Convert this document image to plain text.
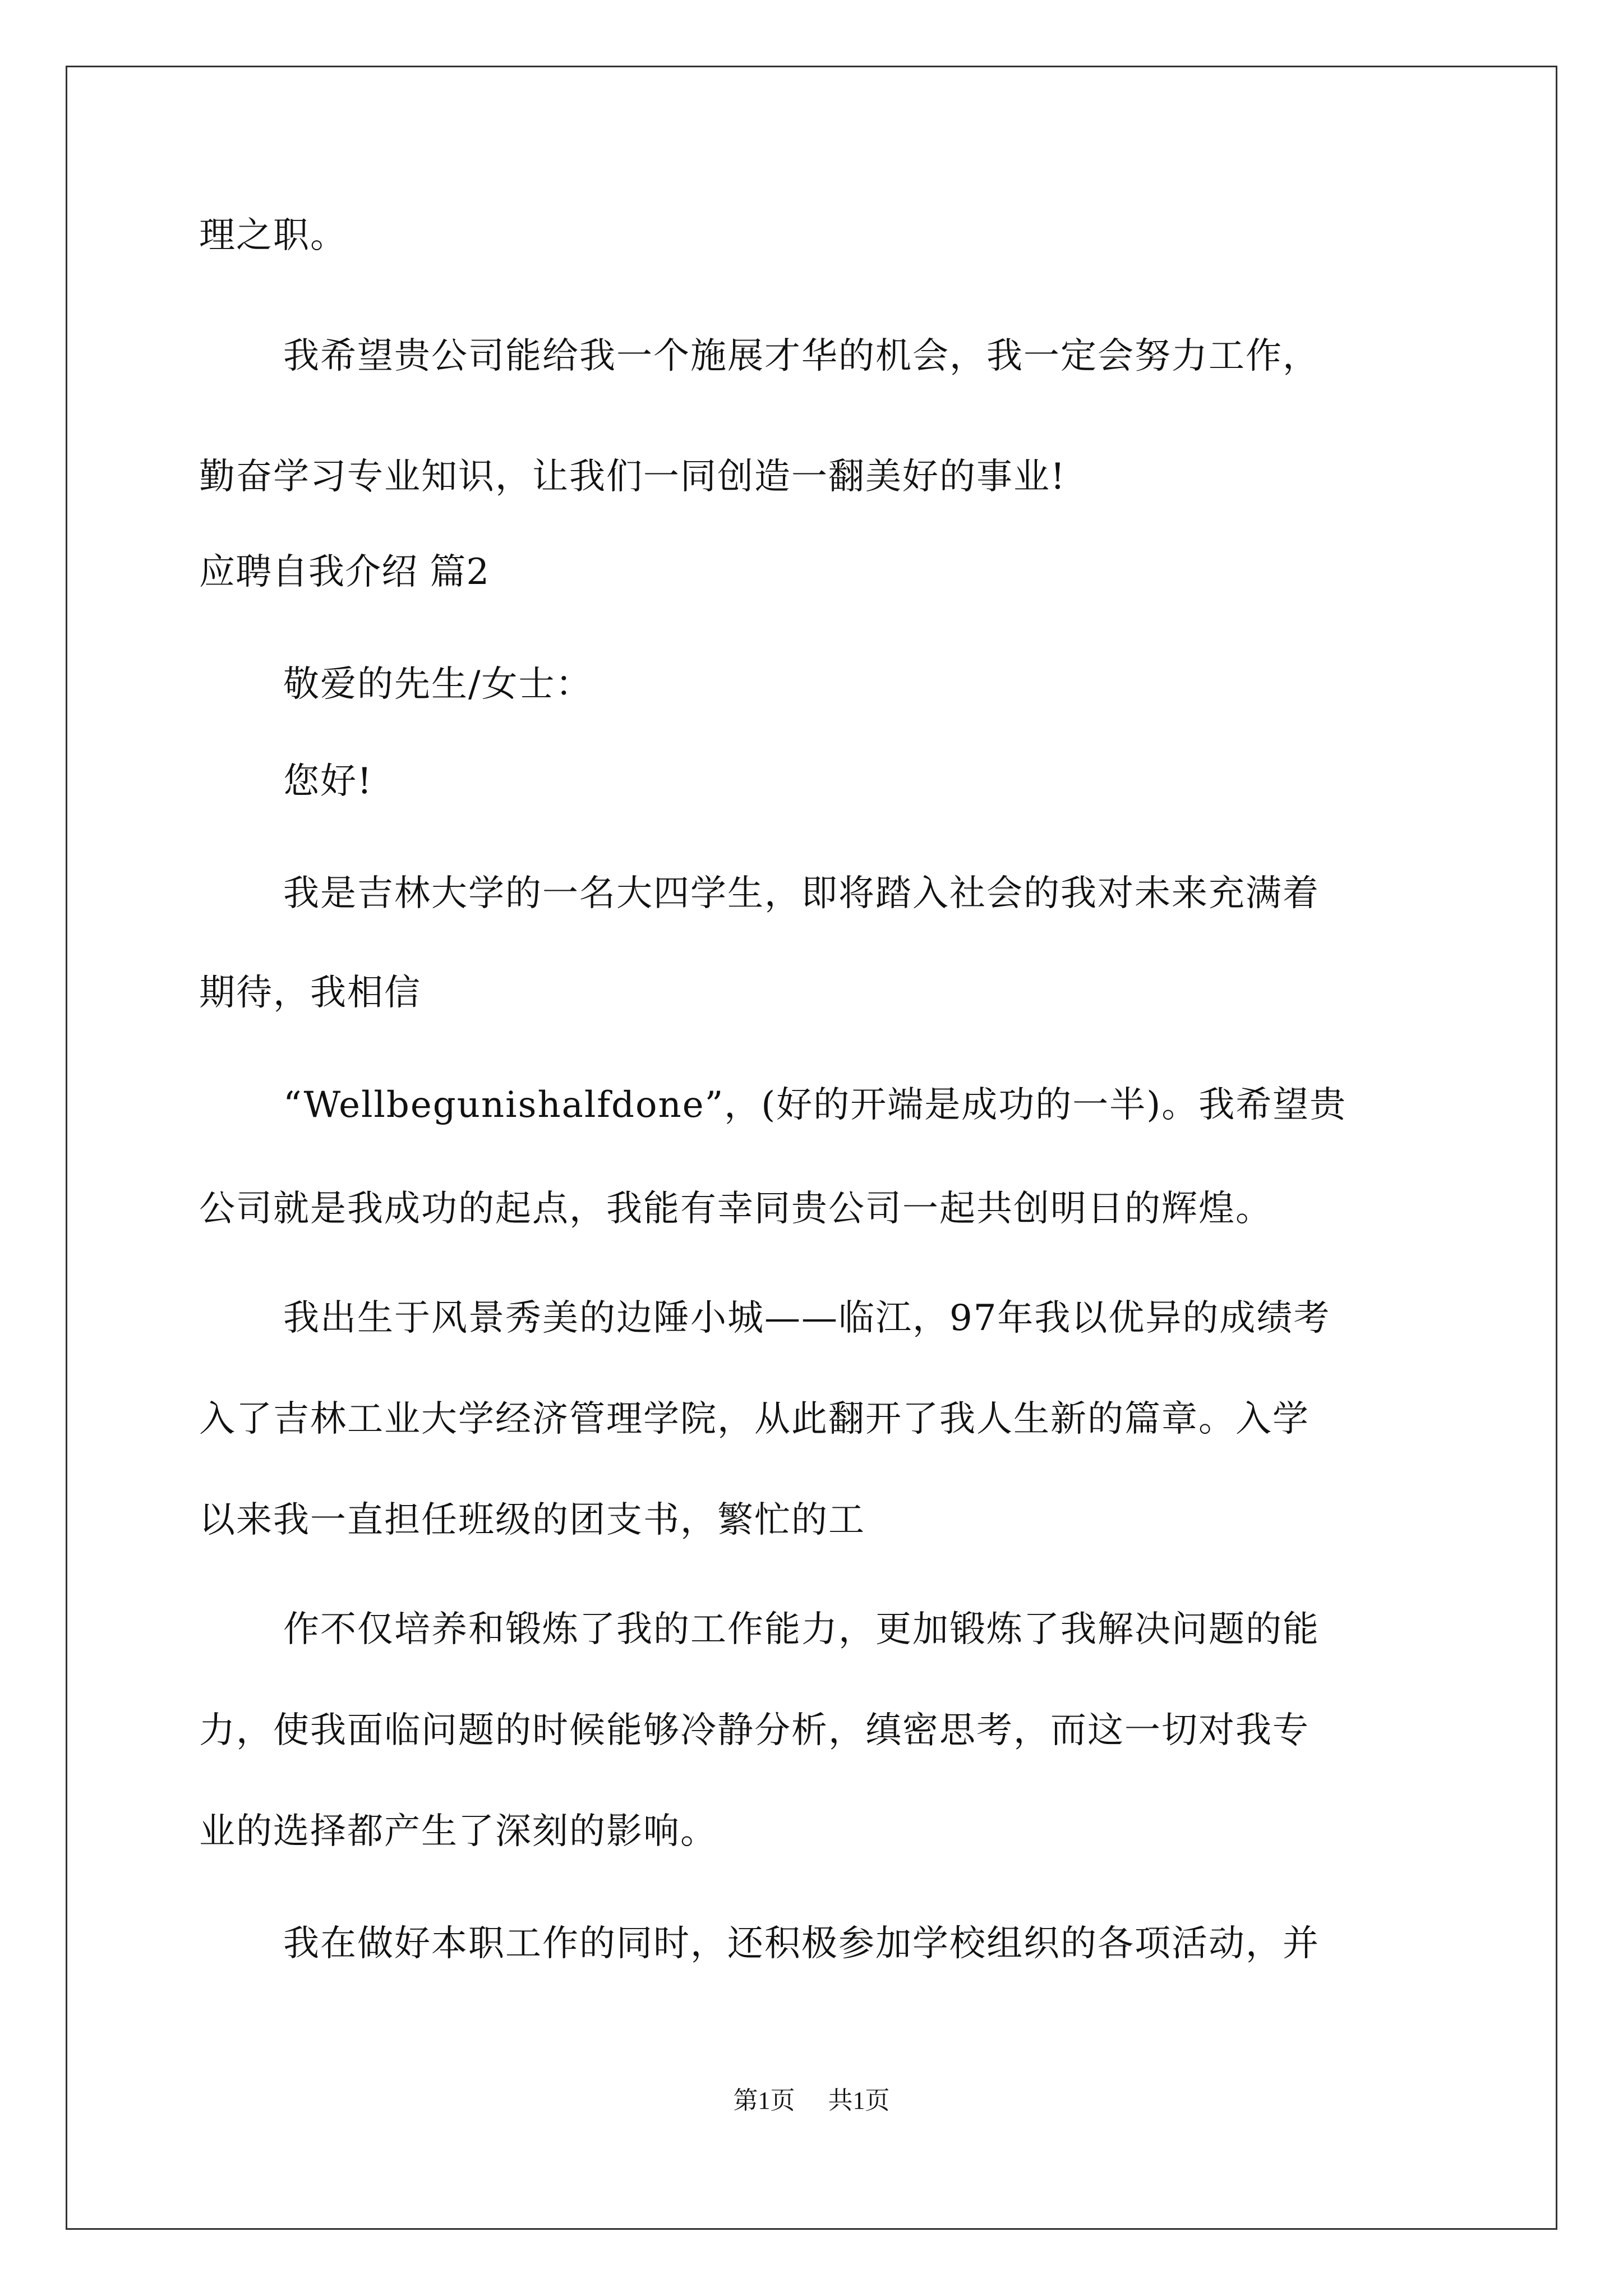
理之职。
我希望贵公司能给我一个施展才华的机会，我一定会努力工作，
勤奋学习专业知识，让我们一同创造一翻美好的事业!
应聘自我介绍 篇2
敬爱的先生/女士：
您好!
我是吉林大学的一名大四学生，即将踏入社会的我对未来充满着
期待，我相信
“Wellbegunishalfdone”，(好的开端是成功的一半)。我希望贵
公司就是我成功的起点，我能有幸同贵公司一起共创明日的辉煌。
我出生于风景秀美的边陲小城——临江，97年我以优异的成绩考
入了吉林工业大学经济管理学院，从此翻开了我人生新的篇章。入学
以来我一直担任班级的团支书，繁忙的工
作不仅培养和锻炼了我的工作能力，更加锻炼了我解决问题的能
力，使我面临问题的时候能够冷静分析，缜密思考，而这一切对我专
业的选择都产生了深刻的影响。
我在做好本职工作的同时，还积极参加学校组织的各项活动，并
第1页 共1页
